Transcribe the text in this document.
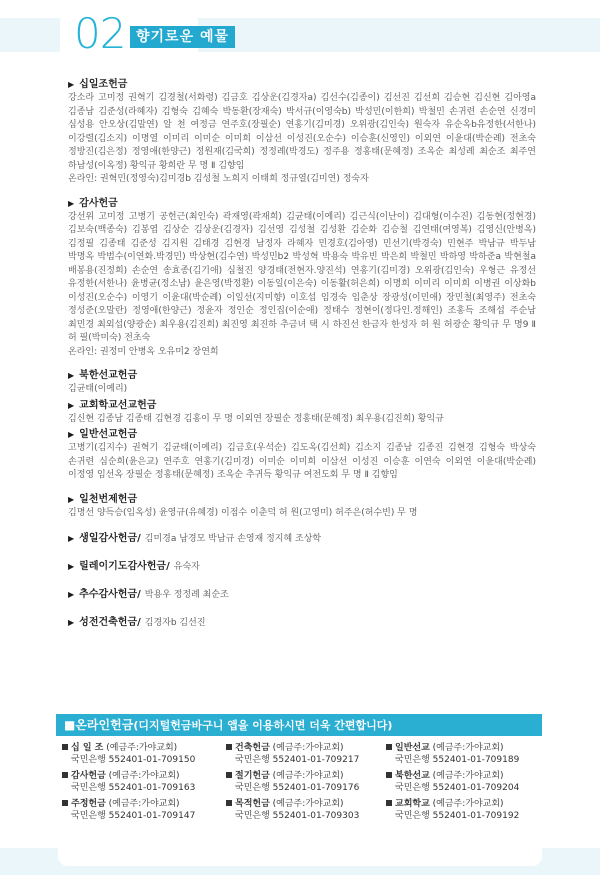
02 향기로운 예물
▶ 십일조헌금
강소라 고미정 권혁기 김경철(서화령) 김금호 김상운(김경자a) 김선수(김종이) 김선진 김선희 김승현 김신현 김아영a 김종남 김준성(라혜자) 김형숙 김혜숙 박동환(장재숙) 박서규(이영숙b) 박성민(이한희) 박철민 손귀련 손순연 신경미 심성용 안오상(김말연) 알 천 여정금 연주호(장필순) 연홍기(김미경) 오위광(김인숙) 원숙자 유순옥b유정한(서한나) 이강렬(김소지) 이명열 이미리 이미순 이미희 이삼선 이성진(오순수) 이승훈(신영인) 이외연 이윤대(박순례) 전초숙 정방진(김은정) 정영애(한양근) 정원재(김국희) 정정례(박경도) 정주용 정홍태(문혜정) 조옥순 최성례 최순조 최주연 하남성(이옥정) 황익규 황희란 무 명 Ⅱ 김향임
온라인: 권혁민(정영숙)김미경b 김성철 노희지 이태희 정규열(김미연) 정숙자
▶ 감사헌금
강선위 고미정 고병기 공헌근(최인숙) 곽재영(곽재희) 김균태(이예리) 김근식(이난이) 김대형(이수진) 김동현(정현경) 김보숙(백종숙) 김봉엽 김상순 김상운(김경자) 김선영 김성철 김성환 김순화 김승철 김연태(여영복) 김영신(안병옥) 김정필 김종태 김준성 김지원 김태경 김현경 남정자 라혜자 민경호(김아영) 민선기(박경숙) 민현주 박남규 박두남 박명옥 박범수(이연화.박경민) 박상현(김수연) 박성민b2 박성혁 박용숙 박유빈 박은희 박철민 박하영 박하준a 박현철a 배봉용(진정희) 손순연 송효종(김기애) 심철진 양경태(전현자.양진석) 연홍기(김미경) 오위광(김인숙) 우형근 유정선 유정한(서한나) 윤병균(정소남) 윤은영(박정환) 이동일(이은숙) 이동활(허은희) 이명희 이미리 이미희 이병권 이상화b 이성진(오순수) 이영기 이윤대(박순례) 이일선(지미향) 이호섭 임경숙 임춘상 장광성(이민애) 장민철(최영주) 전초숙 정성준(오말란) 정영애(한양근) 정윤자 정인순 정인집(이순애) 정태수 정현이(정다인.정해인) 조홍득 조해섭 주순남 최민경 최외섭(양광순) 최우용(김진희) 최진영 최진하 추금녀 택 시 하진선 한금자 한성자 허 원 허광순 황익규 무 명9 Ⅱ 허 필(박미숙) 전초숙
온라인: 권정미 안병옥 오유미2 장연희
▶ 북한선교헌금
김균태(이예리)
▶ 교회학교선교헌금
김신현 김종남 김종태 김현경 김홍이 무 명 이외연 장필순 정홍태(문혜정) 최우용(김진희) 황익규
▶ 일반선교헌금
고병기(김지수) 권혁기 김균태(이예리) 김금호(우석순) 김도옥(김선희) 김소지 김종남 김종진 김현경 김형숙 박상숙 손귀련 심순희(윤은교) 연주호 연홍기(김미경) 이미순 이미희 이삼선 이성진 이승훈 이연숙 이외연 이윤대(박순례) 이정영 임선옥 장필순 정홍태(문혜정) 조옥순 추귀득 황익규 여전도회 무 명 Ⅱ 김향임
▶ 일천번제헌금
김명선 양득승(임옥성) 윤영규(유혜경) 이점수 이춘덕 허 원(고영미) 허주은(허수빈) 무 명
▶ 생일감사헌금/ 김미경a 남경모 박남규 손영재 정지혜 조상학
▶ 릴레이기도감사헌금/ 유숙자
▶ 추수감사헌금/ 박용우 정정례 최순조
▶ 성전건축헌금/ 김경자b 김선진
■온라인헌금(디지털헌금바구니 앱을 이용하시면 더욱 간편합니다)
십 일 조 (예금주:가야교회)
국민은행 552401-01-709150
건축헌금 (예금주:가야교회)
국민은행 552401-01-709217
일반선교 (예금주:가야교회)
국민은행 552401-01-709189
감사헌금 (예금주:가야교회)
국민은행 552401-01-709163
절기헌금 (예금주:가야교회)
국민은행 552401-01-709176
북한선교 (예금주:가야교회)
국민은행 552401-01-709204
주정헌금 (예금주:가야교회)
국민은행 552401-01-709147
목적헌금 (예금주:가야교회)
국민은행 552401-01-709303
교회학교 (예금주:가야교회)
국민은행 552401-01-709192
